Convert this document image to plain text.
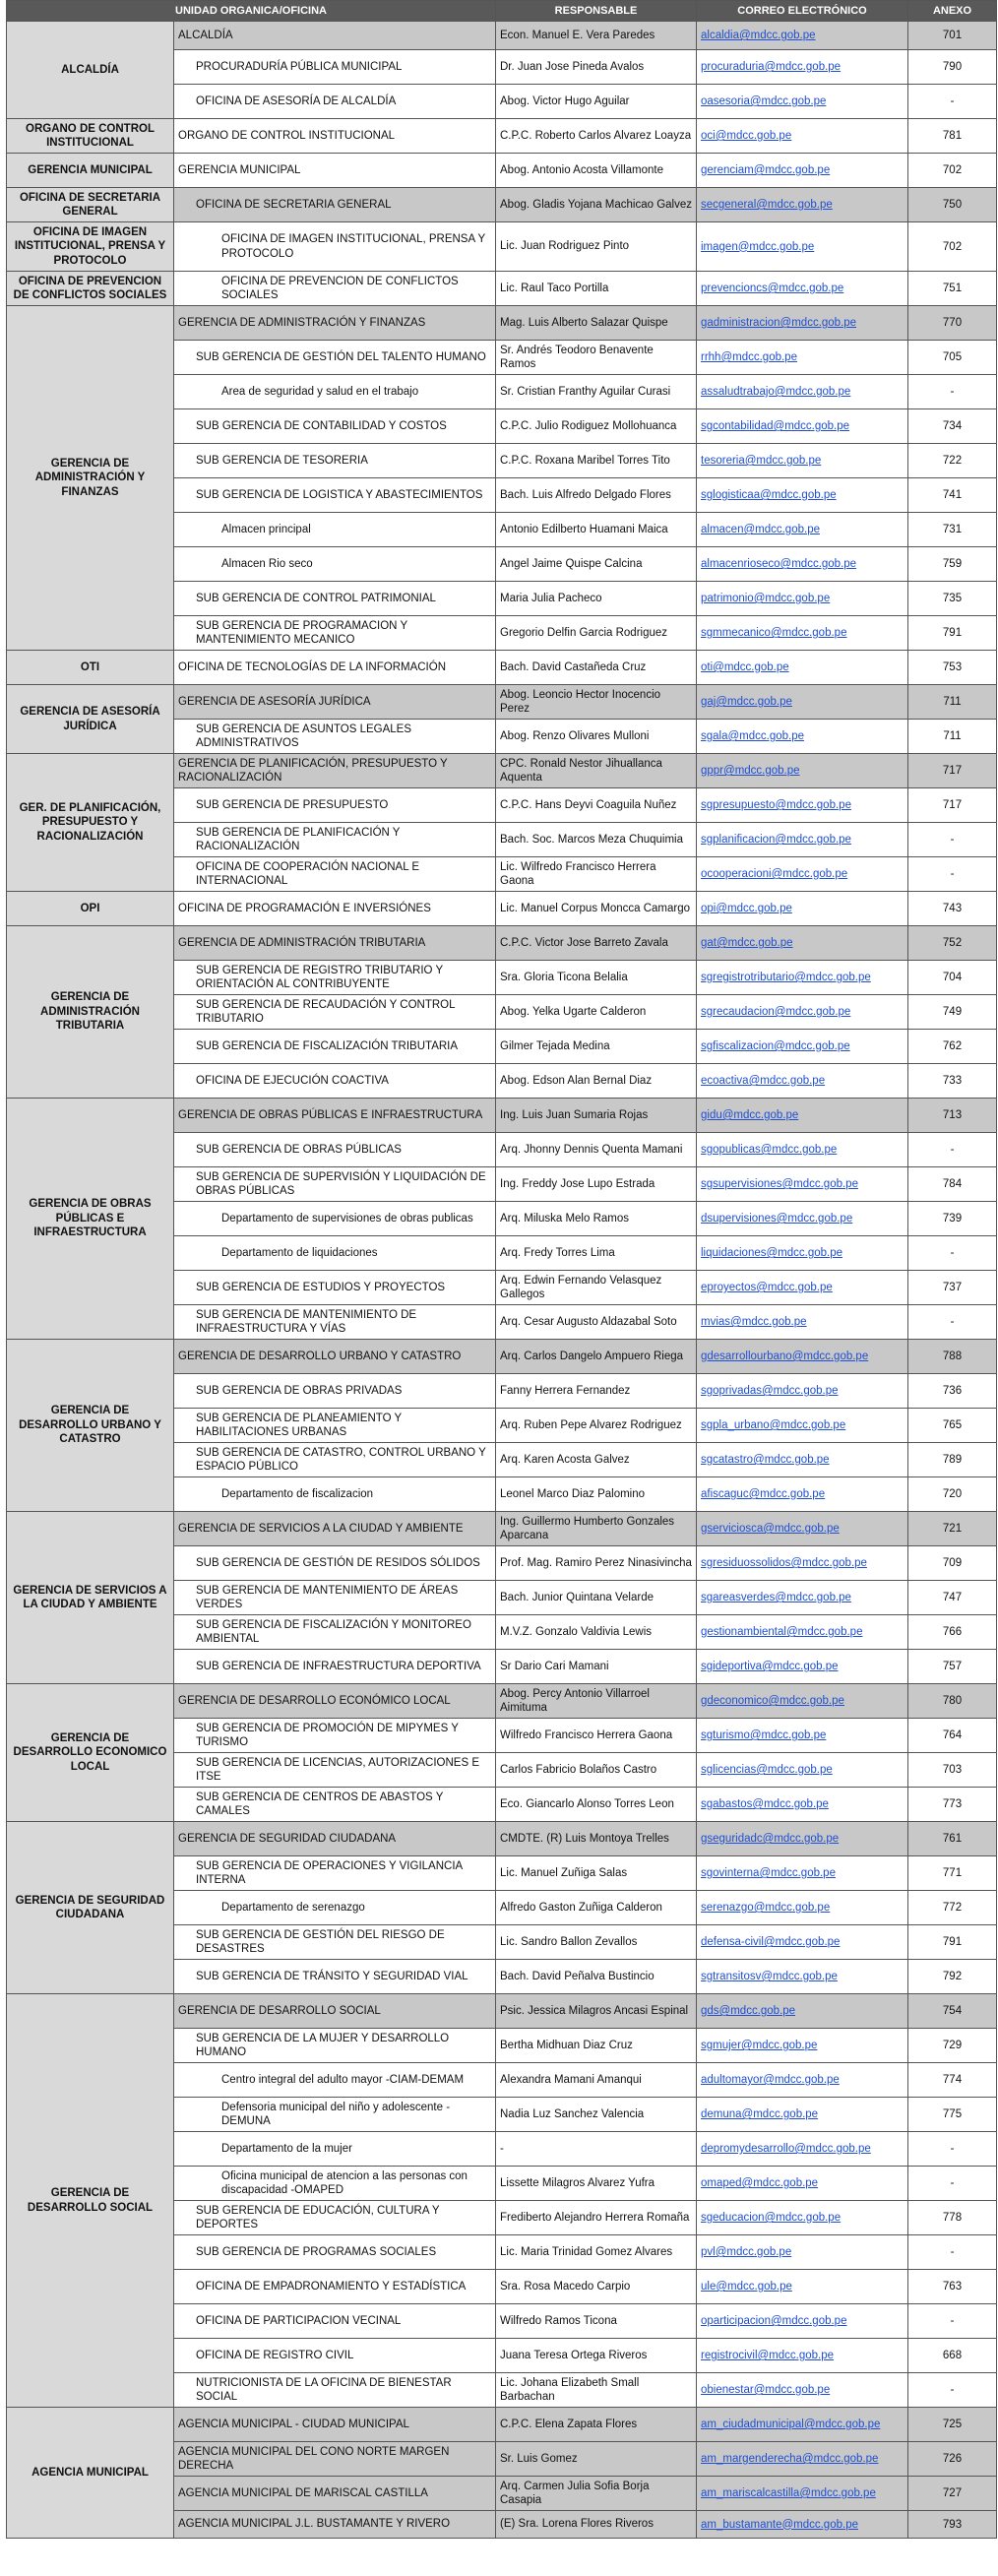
UNIDAD ORGANICA/OFICINA		RESPONSABLE	CORREO ELECTRÓNICO	ANEXO
ALCALDÍA	ALCALDÍA	Econ. Manuel E. Vera Paredes	alcaldia@mdcc.gob.pe	701
	PROCURADURÍA PÚBLICA MUNICIPAL	Dr. Juan Jose Pineda Avalos	procuraduria@mdcc.gob.pe	790
	OFICINA DE ASESORÍA DE ALCALDÍA	Abog. Victor Hugo Aguilar	oasesoria@mdcc.gob.pe	-
ORGANO DE CONTROL INSTITUCIONAL	ORGANO DE CONTROL INSTITUCIONAL	C.P.C. Roberto Carlos Alvarez Loayza	oci@mdcc.gob.pe	781
GERENCIA MUNICIPAL	GERENCIA MUNICIPAL	Abog. Antonio Acosta Villamonte	gerenciam@mdcc.gob.pe	702
OFICINA DE SECRETARIA GENERAL	OFICINA DE SECRETARIA GENERAL	Abog. Gladis Yojana Machicao Galvez	secgeneral@mdcc.gob.pe	750
OFICINA DE IMAGEN INSTITUCIONAL, PRENSA Y PROTOCOLO	OFICINA DE IMAGEN INSTITUCIONAL, PRENSA Y PROTOCOLO	Lic. Juan Rodriguez Pinto	imagen@mdcc.gob.pe	702
OFICINA DE PREVENCION DE CONFLICTOS SOCIALES	OFICINA DE PREVENCION DE CONFLICTOS SOCIALES	Lic. Raul Taco Portilla	prevencioncs@mdcc.gob.pe	751
GERENCIA DE ADMINISTRACIÓN Y FINANZAS	GERENCIA DE ADMINISTRACIÓN Y FINANZAS	Mag. Luis Alberto Salazar Quispe	gadministracion@mdcc.gob.pe	770
	SUB GERENCIA DE GESTIÓN DEL TALENTO HUMANO	Sr. Andrés Teodoro Benavente Ramos	rrhh@mdcc.gob.pe	705
	Area de seguridad y salud en el trabajo	Sr. Cristian Franthy Aguilar Curasi	assaludtrabajo@mdcc.gob.pe	-
	SUB GERENCIA DE CONTABILIDAD Y COSTOS	C.P.C. Julio Rodiguez Mollohuanca	sgcontabilidad@mdcc.gob.pe	734
	SUB GERENCIA DE TESORERIA	C.P.C. Roxana Maribel Torres Tito	tesoreria@mdcc.gob.pe	722
	SUB GERENCIA DE LOGISTICA Y ABASTECIMIENTOS	Bach. Luis Alfredo Delgado Flores	sglogisticaa@mdcc.gob.pe	741
	Almacen principal	Antonio Edilberto Huamani Maica	almacen@mdcc.gob.pe	731
	Almacen Rio seco	Angel Jaime Quispe Calcina	almacenrioseco@mdcc.gob.pe	759
	SUB GERENCIA DE CONTROL PATRIMONIAL	Maria Julia Pacheco	patrimonio@mdcc.gob.pe	735
	SUB GERENCIA DE PROGRAMACION Y MANTENIMIENTO MECANICO	Gregorio Delfin Garcia Rodriguez	sgmmecanico@mdcc.gob.pe	791
OTI	OFICINA DE TECNOLOGÍAS DE LA INFORMACIÓN	Bach. David Castañeda Cruz	oti@mdcc.gob.pe	753
GERENCIA DE ASESORÍA JURÍDICA	GERENCIA DE ASESORÍA JURÍDICA	Abog. Leoncio Hector Inocencio Perez	gaj@mdcc.gob.pe	711
	SUB GERENCIA DE ASUNTOS LEGALES ADMINISTRATIVOS	Abog. Renzo Olivares Mulloni	sgala@mdcc.gob.pe	711
GER. DE PLANIFICACIÓN, PRESUPUESTO Y RACIONALIZACIÓN	GERENCIA DE PLANIFICACIÓN, PRESUPUESTO Y RACIONALIZACIÓN	CPC. Ronald Nestor Jihuallanca Aquenta	gppr@mdcc.gob.pe	717
	SUB GERENCIA DE PRESUPUESTO	C.P.C. Hans Deyvi Coaguila Nuñez	sgpresupuesto@mdcc.gob.pe	717
	SUB GERENCIA DE PLANIFICACIÓN Y RACIONALIZACIÓN	Bach. Soc. Marcos Meza Chuquimia	sgplanificacion@mdcc.gob.pe	-
	OFICINA DE COOPERACIÓN NACIONAL E INTERNACIONAL	Lic. Wilfredo Francisco Herrera Gaona	ocooperacioni@mdcc.gob.pe	-
OPI	OFICINA DE PROGRAMACIÓN E INVERSIÓNES	Lic. Manuel Corpus Moncca Camargo	opi@mdcc.gob.pe	743
GERENCIA DE ADMINISTRACIÓN TRIBUTARIA	GERENCIA DE ADMINISTRACIÓN TRIBUTARIA	C.P.C. Victor Jose Barreto Zavala	gat@mdcc.gob.pe	752
	SUB GERENCIA DE REGISTRO TRIBUTARIO Y ORIENTACIÓN AL CONTRIBUYENTE	Sra. Gloria Ticona Belalia	sgregistrotributario@mdcc.gob.pe	704
	SUB GERENCIA DE RECAUDACIÓN Y CONTROL TRIBUTARIO	Abog. Yelka Ugarte Calderon	sgrecaudacion@mdcc.gob.pe	749
	SUB GERENCIA DE FISCALIZACIÓN TRIBUTARIA	Gilmer Tejada Medina	sgfiscalizacion@mdcc.gob.pe	762
	OFICINA DE EJECUCIÓN COACTIVA	Abog. Edson Alan Bernal Diaz	ecoactiva@mdcc.gob.pe	733
GERENCIA DE OBRAS PÚBLICAS E INFRAESTRUCTURA	GERENCIA DE OBRAS PÚBLICAS E INFRAESTRUCTURA	Ing. Luis Juan Sumaria Rojas	gidu@mdcc.gob.pe	713
	SUB GERENCIA DE OBRAS PÚBLICAS	Arq. Jhonny Dennis Quenta Mamani	sgopublicas@mdcc.gob.pe	-
	SUB GERENCIA DE SUPERVISIÓN Y LIQUIDACIÓN DE OBRAS PÚBLICAS	Ing. Freddy Jose Lupo Estrada	sgsupervisiones@mdcc.gob.pe	784
	Departamento de supervisiones de obras publicas	Arq. Miluska Melo Ramos	dsupervisiones@mdcc.gob.pe	739
	Departamento de liquidaciones	Arq. Fredy Torres Lima	liquidaciones@mdcc.gob.pe	-
	SUB GERENCIA DE ESTUDIOS Y PROYECTOS	Arq. Edwin Fernando Velasquez Gallegos	eproyectos@mdcc.gob.pe	737
	SUB GERENCIA DE MANTENIMIENTO DE INFRAESTRUCTURA Y VÍAS	Arq. Cesar Augusto Aldazabal Soto	mvias@mdcc.gob.pe	-
GERENCIA DE DESARROLLO URBANO Y CATASTRO	GERENCIA DE DESARROLLO URBANO Y CATASTRO	Arq. Carlos Dangelo Ampuero Riega	gdesarrollourbano@mdcc.gob.pe	788
	SUB GERENCIA DE OBRAS PRIVADAS	Fanny Herrera Fernandez	sgoprivadas@mdcc.gob.pe	736
	SUB GERENCIA DE PLANEAMIENTO Y HABILITACIONES URBANAS	Arq. Ruben Pepe Alvarez Rodriguez	sgpla_urbano@mdcc.gob.pe	765
	SUB GERENCIA DE CATASTRO, CONTROL URBANO Y ESPACIO PÚBLICO	Arq. Karen Acosta Galvez	sgcatastro@mdcc.gob.pe	789
	Departamento de fiscalizacion	Leonel Marco Diaz Palomino	afiscaguc@mdcc.gob.pe	720
GERENCIA DE SERVICIOS A LA CIUDAD Y AMBIENTE	GERENCIA DE SERVICIOS A LA CIUDAD Y AMBIENTE	Ing. Guillermo Humberto Gonzales Aparcana	gservicioscа@mdcc.gob.pe	721
	SUB GERENCIA DE GESTIÓN DE RESIDOS SÓLIDOS	Prof. Mag. Ramiro Perez Ninasivincha	sgresiduossolidos@mdcc.gob.pe	709
	SUB GERENCIA DE MANTENIMIENTO DE ÁREAS VERDES	Bach. Junior Quintana Velarde	sgareasverdes@mdcc.gob.pe	747
	SUB GERENCIA DE FISCALIZACIÓN Y MONITOREO AMBIENTAL	M.V.Z. Gonzalo Valdivia Lewis	gestionambiental@mdcc.gob.pe	766
	SUB GERENCIA DE INFRAESTRUCTURA DEPORTIVA	Sr Dario Cari Mamani	sgideportiva@mdcc.gob.pe	757
GERENCIA DE DESARROLLO ECONOMICO LOCAL	GERENCIA DE DESARROLLO ECONÓMICO LOCAL	Abog. Percy Antonio Villarroel Aimituma	gdeconomico@mdcc.gob.pe	780
	SUB GERENCIA DE PROMOCIÓN DE MIPYMES Y TURISMO	Wilfredo Francisco Herrera Gaona	sgturismo@mdcc.gob.pe	764
	SUB GERENCIA DE LICENCIAS, AUTORIZACIONES E ITSE	Carlos Fabricio Bolaños Castro	sglicencias@mdcc.gob.pe	703
	SUB GERENCIA DE CENTROS DE ABASTOS Y CAMALES	Eco. Giancarlo Alonso Torres Leon	sgabastos@mdcc.gob.pe	773
GERENCIA DE SEGURIDAD CIUDADANA	GERENCIA DE SEGURIDAD CIUDADANA	CMDTE. (R) Luis Montoya Trelles	gseguridadc@mdcc.gob.pe	761
	SUB GERENCIA DE OPERACIONES Y VIGILANCIA INTERNA	Lic. Manuel Zuñiga Salas	sgovinterna@mdcc.gob.pe	771
	Departamento de serenazgo	Alfredo Gaston Zuñiga Calderon	serenazgo@mdcc.gob.pe	772
	SUB GERENCIA DE GESTIÓN DEL RIESGO DE DESASTRES	Lic. Sandro Ballon Zevallos	defensa-civil@mdcc.gob.pe	791
	SUB GERENCIA DE TRÁNSITO Y SEGURIDAD VIAL	Bach. David Peñalva Bustincio	sgtransitosv@mdcc.gob.pe	792
GERENCIA DE DESARROLLO SOCIAL	GERENCIA DE DESARROLLO SOCIAL	Psic. Jessica Milagros Ancasi Espinal	gds@mdcc.gob.pe	754
	SUB GERENCIA DE LA MUJER Y DESARROLLO HUMANO	Bertha Midhuan Diaz Cruz	sgmujer@mdcc.gob.pe	729
	Centro integral del adulto mayor -CIAM-DEMAM	Alexandra Mamani Amanqui	adultomayor@mdcc.gob.pe	774
	Defensoria municipal del niño y adolescente - DEMUNA	Nadia Luz Sanchez Valencia	demuna@mdcc.gob.pe	775
	Departamento de la mujer	-	depromydesarrollo@mdcc.gob.pe	-
	Oficina municipal de atencion a las personas con discapacidad -OMAPED	Lissette Milagros Alvarez Yufra	omaped@mdcc.gob.pe	-
	SUB GERENCIA DE EDUCACIÓN, CULTURA Y DEPORTES	Frediberto Alejandro Herrera Romaña	sgeducacion@mdcc.gob.pe	778
	SUB GERENCIA DE PROGRAMAS SOCIALES	Lic. Maria Trinidad Gomez Alvares	pvl@mdcc.gob.pe	-
	OFICINA DE EMPADRONAMIENTO Y ESTADÍSTICA	Sra. Rosa Macedo Carpio	ule@mdcc.gob.pe	763
	OFICINA DE PARTICIPACION VECINAL	Wilfredo Ramos Ticona	oparticipacion@mdcc.gob.pe	-
	OFICINA DE REGISTRO CIVIL	Juana Teresa Ortega Riveros	registrocivil@mdcc.gob.pe	668
	NUTRICIONISTA DE LA OFICINA DE BIENESTAR SOCIAL	Lic. Johana Elizabeth Small Barbachan	obienestar@mdcc.gob.pe	-
AGENCIA MUNICIPAL	AGENCIA MUNICIPAL - CIUDAD MUNICIPAL	C.P.C. Elena Zapata Flores	am_ciudadmunicipal@mdcc.gob.pe	725
	AGENCIA MUNICIPAL DEL CONO NORTE MARGEN DERECHA	Sr. Luis Gomez	am_margenderecha@mdcc.gob.pe	726
	AGENCIA MUNICIPAL DE MARISCAL CASTILLA	Arq. Carmen Julia Sofia Borja Casapia	am_mariscalcastilla@mdcc.gob.pe	727
	AGENCIA MUNICIPAL J.L. BUSTAMANTE Y RIVERO	(E) Sra. Lorena Flores Riveros	am_bustamante@mdcc.gob.pe	793
